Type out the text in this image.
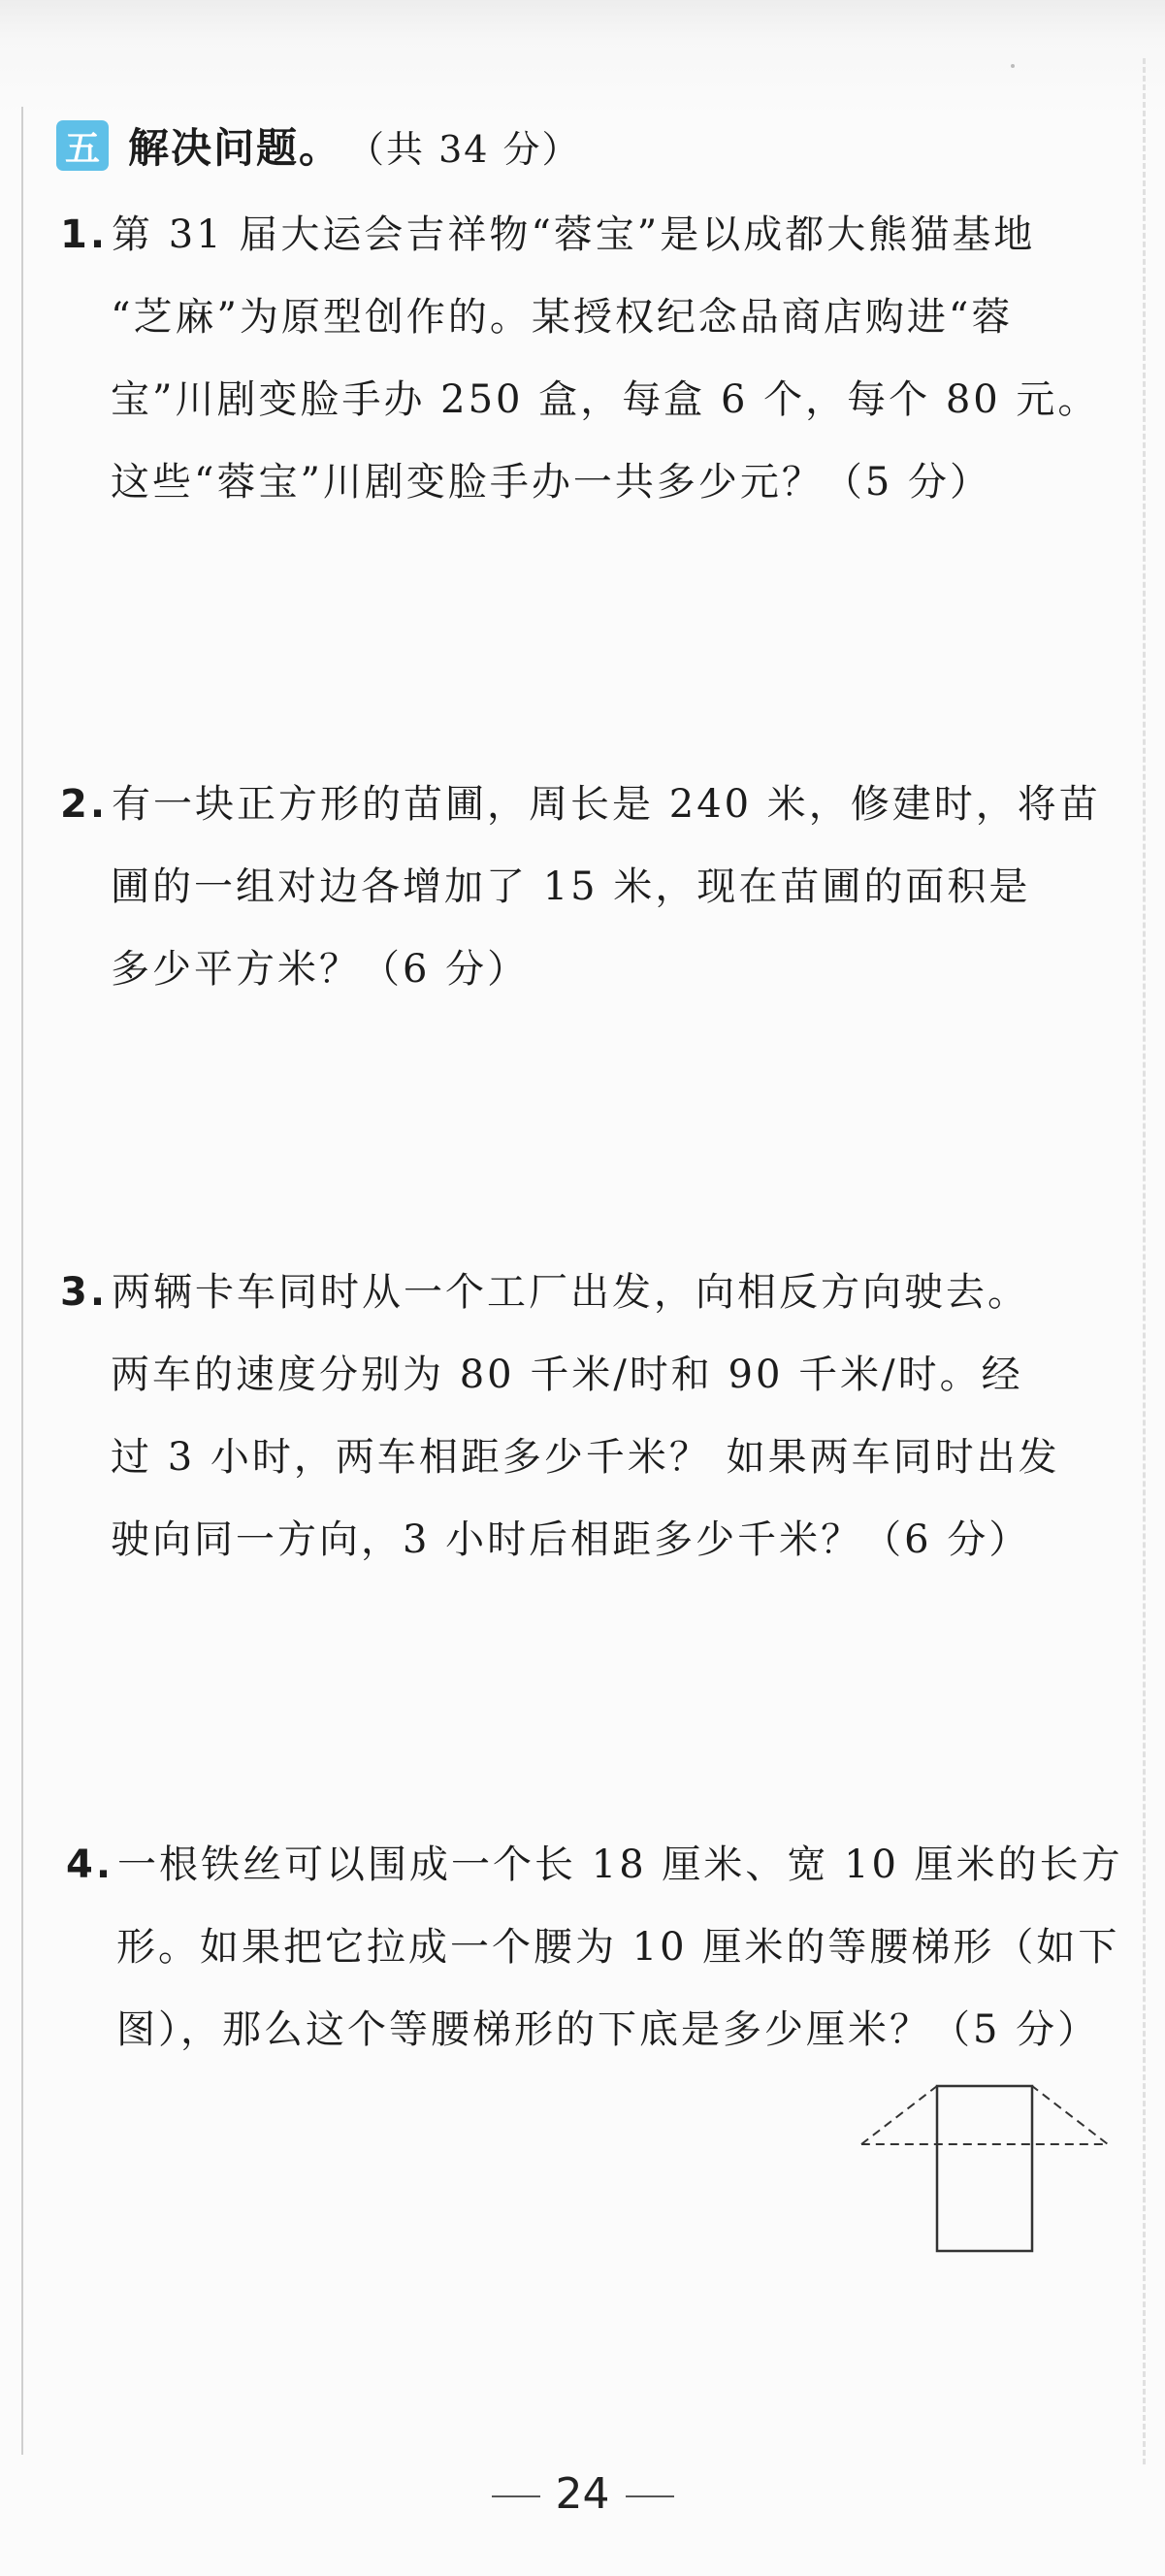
五 解决问题。 （共 34 分）
1. 第 31 届大运会吉祥物“蓉宝”是以成都大熊猫基地
“芝麻”为原型创作的。某授权纪念品商店购进“蓉
宝”川剧变脸手办 250 盒，每盒 6 个，每个 80 元。
这些“蓉宝”川剧变脸手办一共多少元？（5 分）
2. 有一块正方形的苗圃，周长是 240 米，修建时，将苗
圃的一组对边各增加了 15 米，现在苗圃的面积是
多少平方米？（6 分）
3. 两辆卡车同时从一个工厂出发，向相反方向驶去。
两车的速度分别为 80 千米/时和 90 千米/时。经
过 3 小时，两车相距多少千米？ 如果两车同时出发
驶向同一方向，3 小时后相距多少千米？（6 分）
4. 一根铁丝可以围成一个长 18 厘米、宽 10 厘米的长方
形。如果把它拉成一个腰为 10 厘米的等腰梯形（如下
图），那么这个等腰梯形的下底是多少厘米？（5 分）
24
